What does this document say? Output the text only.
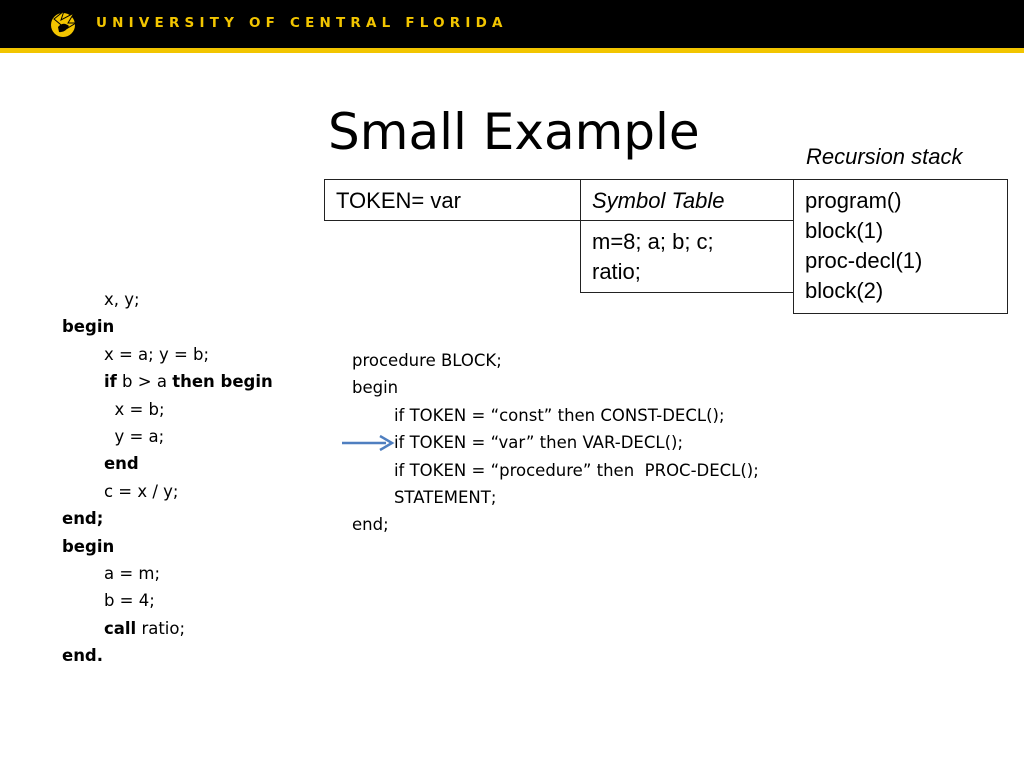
UNIVERSITY OF CENTRAL FLORIDA
Small Example
TOKEN= var	Symbol Table
m=8; a; b; c;
ratio;
Recursion stack
program()
block(1)
proc-decl(1)
block(2)
x, y;
begin
x = a; y = b;
if b > a then begin
x = b;
y = a;
end
c = x / y;
end;
begin
a = m;
b = 4;
call ratio;
end.
procedure BLOCK;
begin
if TOKEN = “const” then CONST-DECL();
if TOKEN = “var” then VAR-DECL();
if TOKEN = “procedure” then  PROC-DECL();
STATEMENT;
end;
